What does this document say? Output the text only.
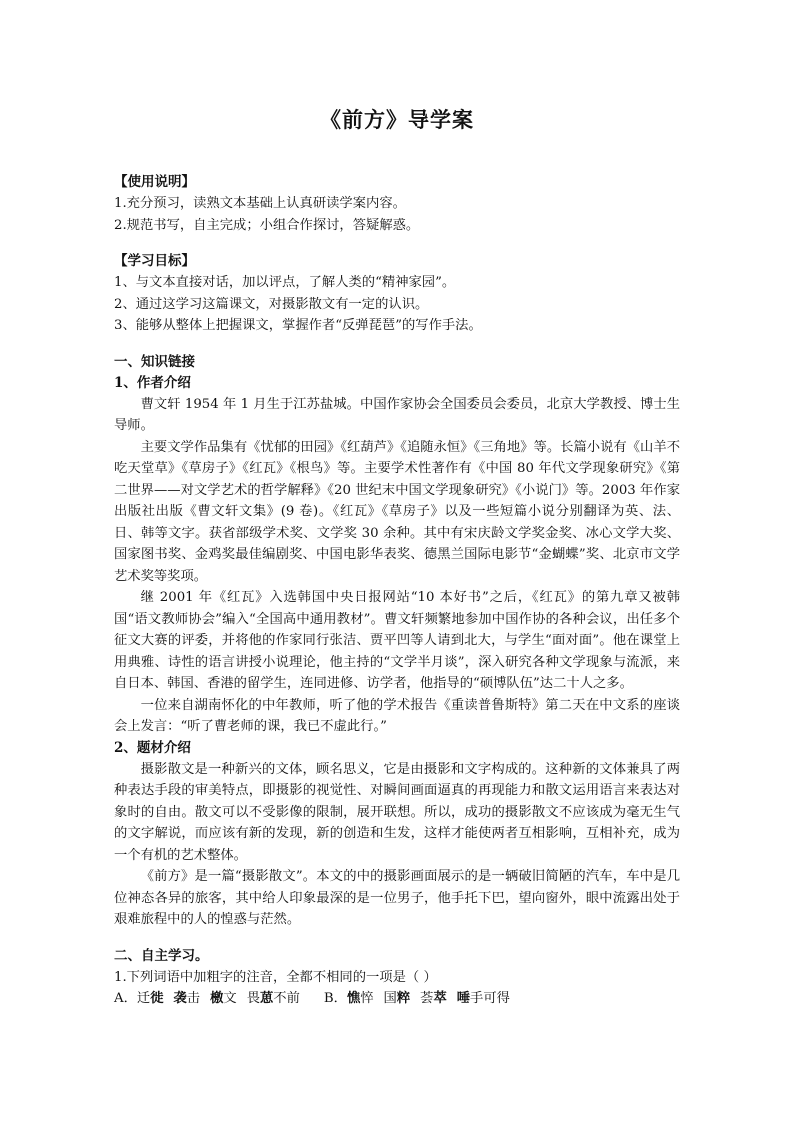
《前方》导学案
【使用说明】

1.充分预习，读熟文本基础上认真研读学案内容。

2.规范书写，自主完成；小组合作探讨，答疑解惑。

【学习目标】

1、与文本直接对话，加以评点，了解人类的“精神家园”。

2、通过这学习这篇课文，对摄影散文有一定的认识。

3、能够从整体上把握课文，掌握作者“反弹琵琶”的写作手法。

一、知识链接
1、作者介绍

曹文轩 1954 年 1 月生于江苏盐城。中国作家协会全国委员会委员，北京大学教授、博士生导师。

主要文学作品集有《忧郁的田园》《红葫芦》《追随永恒》《三角地》等。长篇小说有《山羊不吃天堂草》《草房子》《红瓦》《根鸟》等。主要学术性著作有《中国 80 年代文学现象研究》《第二世界——对文学艺术的哲学解释》《20 世纪末中国文学现象研究》《小说门》等。2003 年作家出版社出版《曹文轩文集》(9 卷)。《红瓦》《草房子》以及一些短篇小说分别翻译为英、法、日、韩等文字。获省部级学术奖、文学奖 30 余种。其中有宋庆龄文学奖金奖、冰心文学大奖、国家图书奖、金鸡奖最佳编剧奖、中国电影华表奖、德黑兰国际电影节“金蝴蝶”奖、北京市文学艺术奖等奖项。

继 2001 年《红瓦》入选韩国中央日报网站“10 本好书”之后，《红瓦》的第九章又被韩国“语文教师协会”编入“全国高中通用教材”。曹文轩频繁地参加中国作协的各种会议，出任多个征文大赛的评委，并将他的作家同行张洁、贾平凹等人请到北大，与学生“面对面”。他在课堂上用典雅、诗性的语言讲授小说理论，他主持的“文学半月谈”，深入研究各种文学现象与流派，来自日本、韩国、香港的留学生，连同进修、访学者，他指导的“硕博队伍”达二十人之多。

一位来自湖南怀化的中年教师，听了他的学术报告《重读普鲁斯特》第二天在中文系的座谈会上发言：“听了曹老师的课，我已不虚此行。”

2、题材介绍

摄影散文是一种新兴的文体，顾名思义，它是由摄影和文字构成的。这种新的文体兼具了两种表达手段的审美特点，即摄影的视觉性、对瞬间画面逼真的再现能力和散文运用语言来表达对象时的自由。散文可以不受影像的限制，展开联想。所以，成功的摄影散文不应该成为毫无生气的文字解说，而应该有新的发现，新的创造和生发，这样才能使两者互相影响，互相补充，成为一个有机的艺术整体。

《前方》是一篇“摄影散文”。本文的中的摄影画面展示的是一辆破旧简陋的汽车，车中是几位神态各异的旅客，其中给人印象最深的是一位男子，他手托下巴，望向窗外，眼中流露出处于艰难旅程中的人的惶惑与茫然。

二、自主学习。

1.下列词语中加粗字的注音，全都不相同的一项是（ ）

A．迁徙 袭击 檄文 畏葸不前 B．憔悴 国粹 荟萃 唾手可得
